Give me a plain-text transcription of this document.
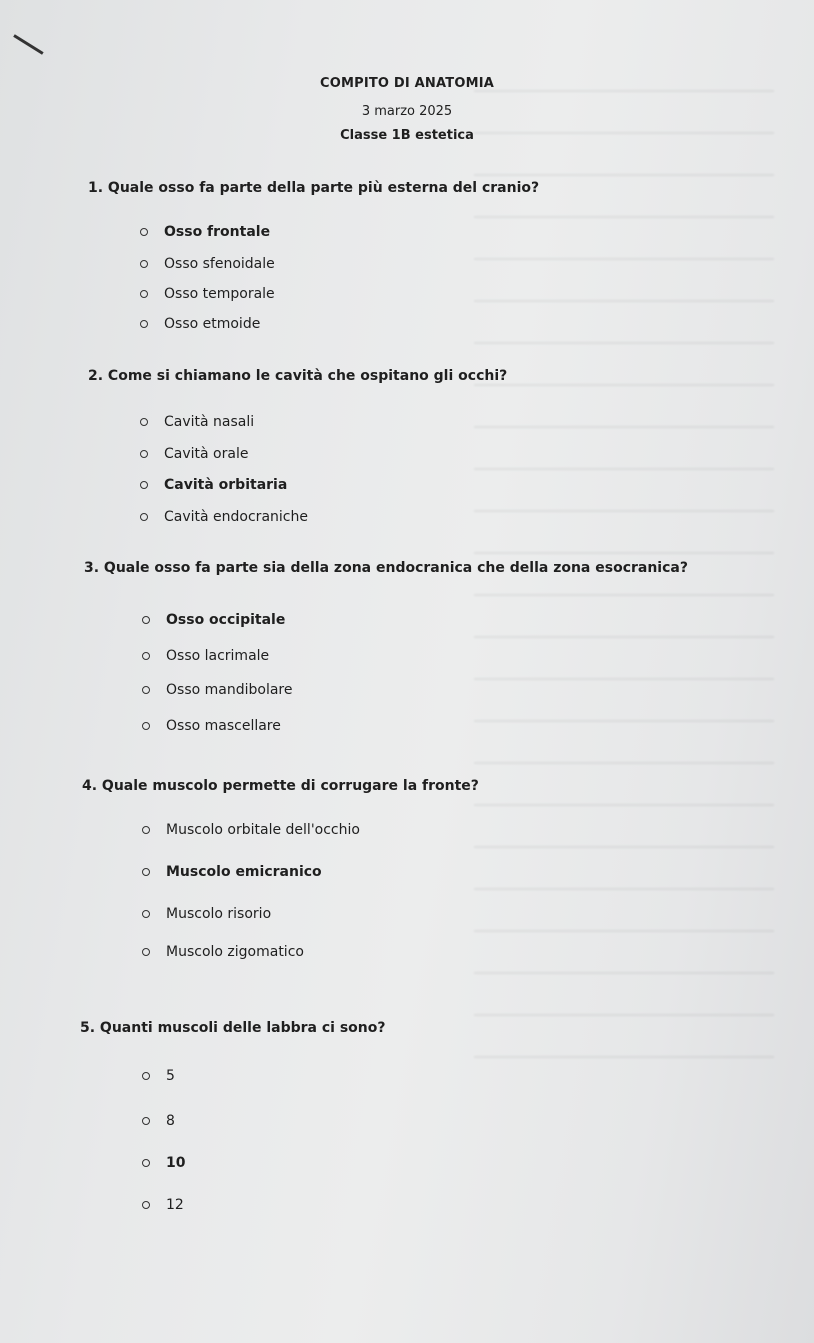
COMPITO DI ANATOMIA
3 marzo 2025
Classe 1B estetica
1. Quale osso fa parte della parte più esterna del cranio?
Osso frontale
Osso sfenoidale
Osso temporale
Osso etmoide
2. Come si chiamano le cavità che ospitano gli occhi?
Cavità nasali
Cavità orale
Cavità orbitaria
Cavità endocraniche
3. Quale osso fa parte sia della zona endocranica che della zona esocranica?
Osso occipitale
Osso lacrimale
Osso mandibolare
Osso mascellare
4. Quale muscolo permette di corrugare la fronte?
Muscolo orbitale dell'occhio
Muscolo emicranico
Muscolo risorio
Muscolo zigomatico
5. Quanti muscoli delle labbra ci sono?
5
8
10
12
